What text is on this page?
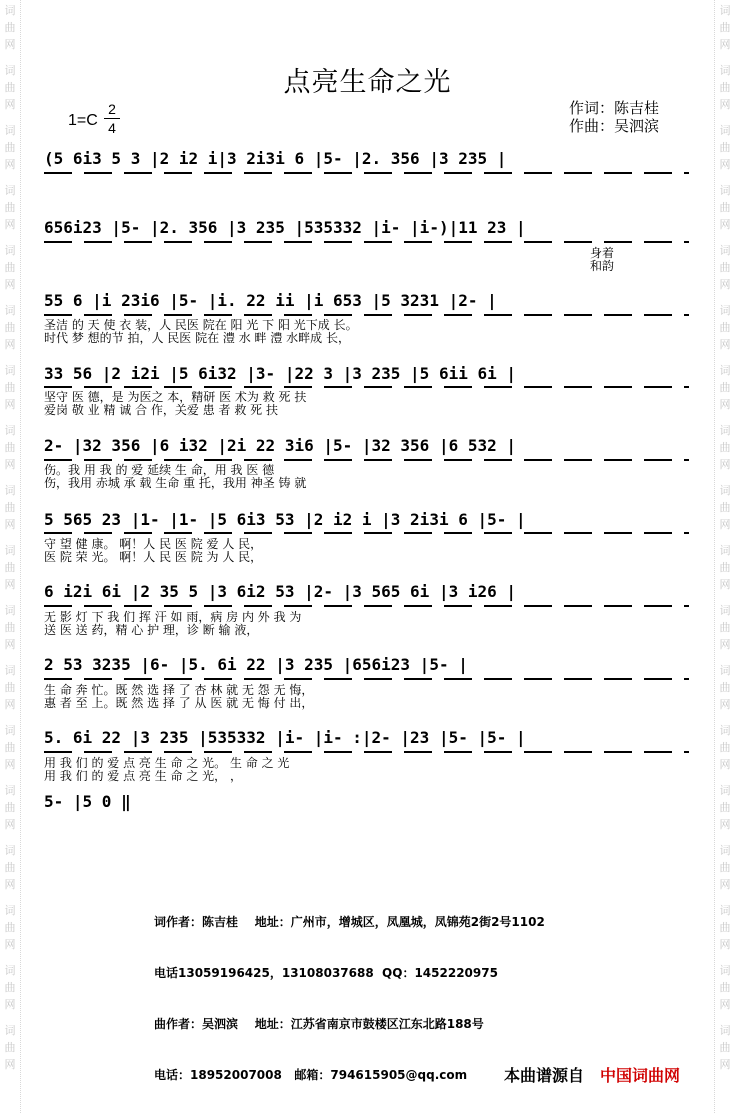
词
曲
网
词
曲
网
词
曲
网
词
曲
网
词
曲
网
词
曲
网
词
曲
网
词
曲
网
词
曲
网
词
曲
网
词
曲
网
词
曲
网
词
曲
网
词
曲
网
词
曲
网
词
曲
网
词
曲
网
词
曲
网
词
曲
网
词
曲
网
词
曲
网
词
曲
网
词
曲
网
词
曲
网
词
曲
网
词
曲
网
词
曲
网
词
曲
网
词
曲
网
词
曲
网
词
曲
网
词
曲
网
词
曲
网
词
曲
网
词
曲
网
词
曲
网
点亮生命之光
1=C
2
4
作词：陈吉桂
作曲：吴泗滨
(5 6i3 5 3 |2 i2 i|3 2i3i 6 |5- |2. 356 |3 235 |
656i23 |5- |2. 356 |3 235 |535332 |i- |i-)|11 23 |
身着
和韵
55 6 |i 23i6 |5- |i. 22 ii |i 653 |5 3231 |2- |
圣洁 的 天 使 衣 装，人 民医 院在 阳 光 下 阳 光下成 长。
时代 梦 想的节 拍，人 民医 院在 澧 水 畔 澧 水畔成 长，
33 56 |2 i2i |5 6i32 |3- |22 3 |3 235 |5 6ii 6i |
坚守 医 德，是 为医之 本，精研 医 术为 救 死 扶
爱岗 敬 业 精 诚 合 作，关爱 患 者 救 死 扶
2- |32 356 |6 i32 |2i 22 3i6 |5- |32 356 |6 532 |
伤。我 用 我 的 爱 延续 生 命，用 我 医 德
伤，我用 赤城 承 载 生命 重 托，我用 神圣 铸 就
5 565 23 |1- |1- |5 6i3 53 |2 i2 i |3 2i3i 6 |5- |
守 望 健 康。 啊！人 民 医 院 爱 人 民，
医 院 荣 光。 啊！人 民 医 院 为 人 民，
6 i2i 6i |2 35 5 |3 6i2 53 |2- |3 565 6i |3 i26 |
无 影 灯 下 我 们 挥 汗 如 雨，病 房 内 外 我 为
送 医 送 药，精 心 护 理，诊 断 输 液，
2 53 3235 |6- |5. 6i 22 |3 235 |656i23 |5- |
生 命 奔 忙。既 然 选 择 了 杏 林 就 无 怨 无 悔，
惠 者 至 上。既 然 选 择 了 从 医 就 无 悔 付 出，
5. 6i 22 |3 235 |535332 |i- |i- :|2- |23 |5- |5- |
用 我 们 的 爱 点 亮 生 命 之 光。 生 命 之 光
用 我 们 的 爱 点 亮 生 命 之 光， ，
5- |5 0 ‖

词作者：陈吉桂    地址：广州市，增城区，凤凰城，凤锦苑2街2号1102

电话13059196425，13108037688  QQ：1452220975

曲作者：吴泗滨    地址：江苏省南京市鼓楼区江东北路188号

电话：18952007008   邮箱：794615905@qq.com	本曲谱源自 中国词曲网
